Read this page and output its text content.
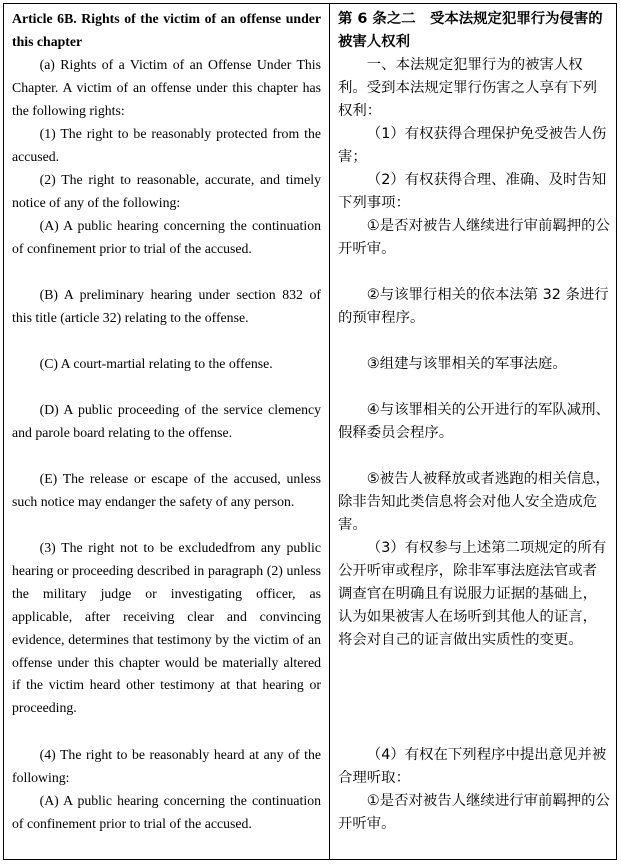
Article 6B. Rights of the victim of an offense under this chapter
(a) Rights of a Victim of an Offense Under This Chapter. A victim of an offense under this chapter has the following rights:
(1) The right to be reasonably protected from the accused.
(2) The right to reasonable, accurate, and timely notice of any of the following:
(A) A public hearing concerning the continuation of confinement prior to trial of the accused.
(B) A preliminary hearing under section 832 of this title (article 32) relating to the offense.
(C) A court-martial relating to the offense.
(D) A public proceeding of the service clemency and parole board relating to the offense.
(E) The release or escape of the accused, unless such notice may endanger the safety of any person.
(3) The right not to be excludedfrom any public hearing or proceeding described in paragraph (2) unless the military judge or investigating officer, as applicable, after receiving clear and convincing evidence, determines that testimony by the victim of an offense under this chapter would be materially altered if the victim heard other testimony at that hearing or proceeding.
(4) The right to be reasonably heard at any of the following:
(A) A public hearing concerning the continuation of confinement prior to trial of the accused.
第 6 条之二　受本法规定犯罪行为侵害的被害人权利
一、本法规定犯罪行为的被害人权利。受到本法规定罪行伤害之人享有下列权利：
（1）有权获得合理保护免受被告人伤害；
（2）有权获得合理、准确、及时告知下列事项：
①是否对被告人继续进行审前羁押的公开听审。
②与该罪行相关的依本法第 32 条进行的预审程序。
③组建与该罪相关的军事法庭。
④与该罪相关的公开进行的军队减刑、假释委员会程序。
⑤被告人被释放或者逃跑的相关信息，除非告知此类信息将会对他人安全造成危害。
（3）有权参与上述第二项规定的所有公开听审或程序，除非军事法庭法官或者调查官在明确且有说服力证据的基础上，认为如果被害人在场听到其他人的证言，将会对自己的证言做出实质性的变更。
（4）有权在下列程序中提出意见并被合理听取：
①是否对被告人继续进行审前羁押的公开听审。
